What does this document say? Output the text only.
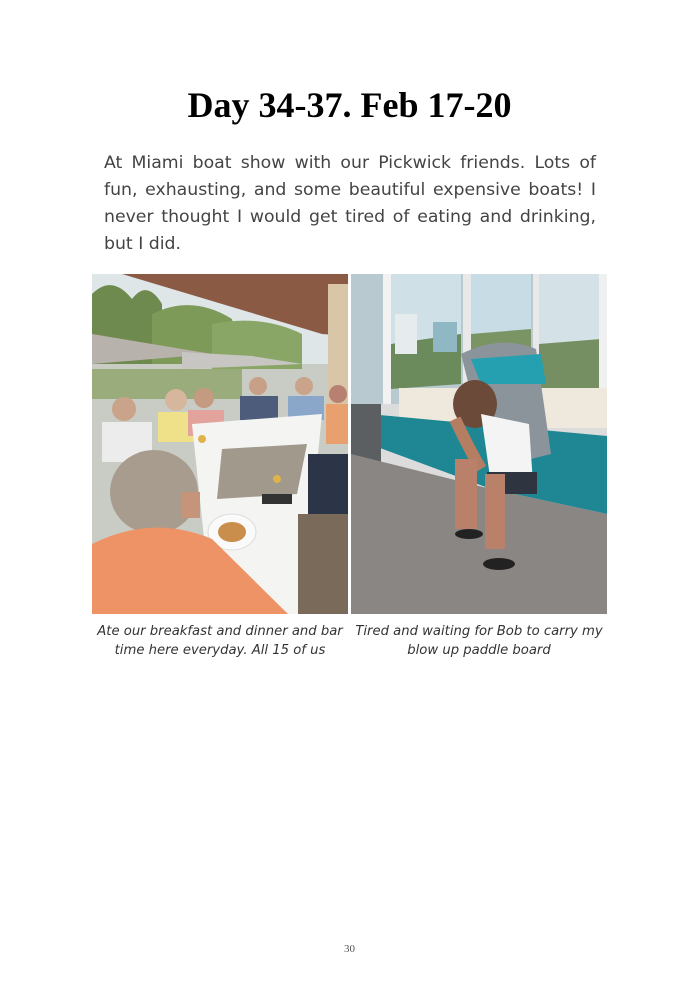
Day 34-37. Feb 17-20
At Miami boat show with our Pickwick friends. Lots of fun, exhausting, and some beautiful expensive boats! I never thought I would get tired of eating and drinking, but I did.
Ate our breakfast and dinner and bar time here everyday. All 15 of us
Tired and waiting for Bob to carry my blow up paddle board
30
